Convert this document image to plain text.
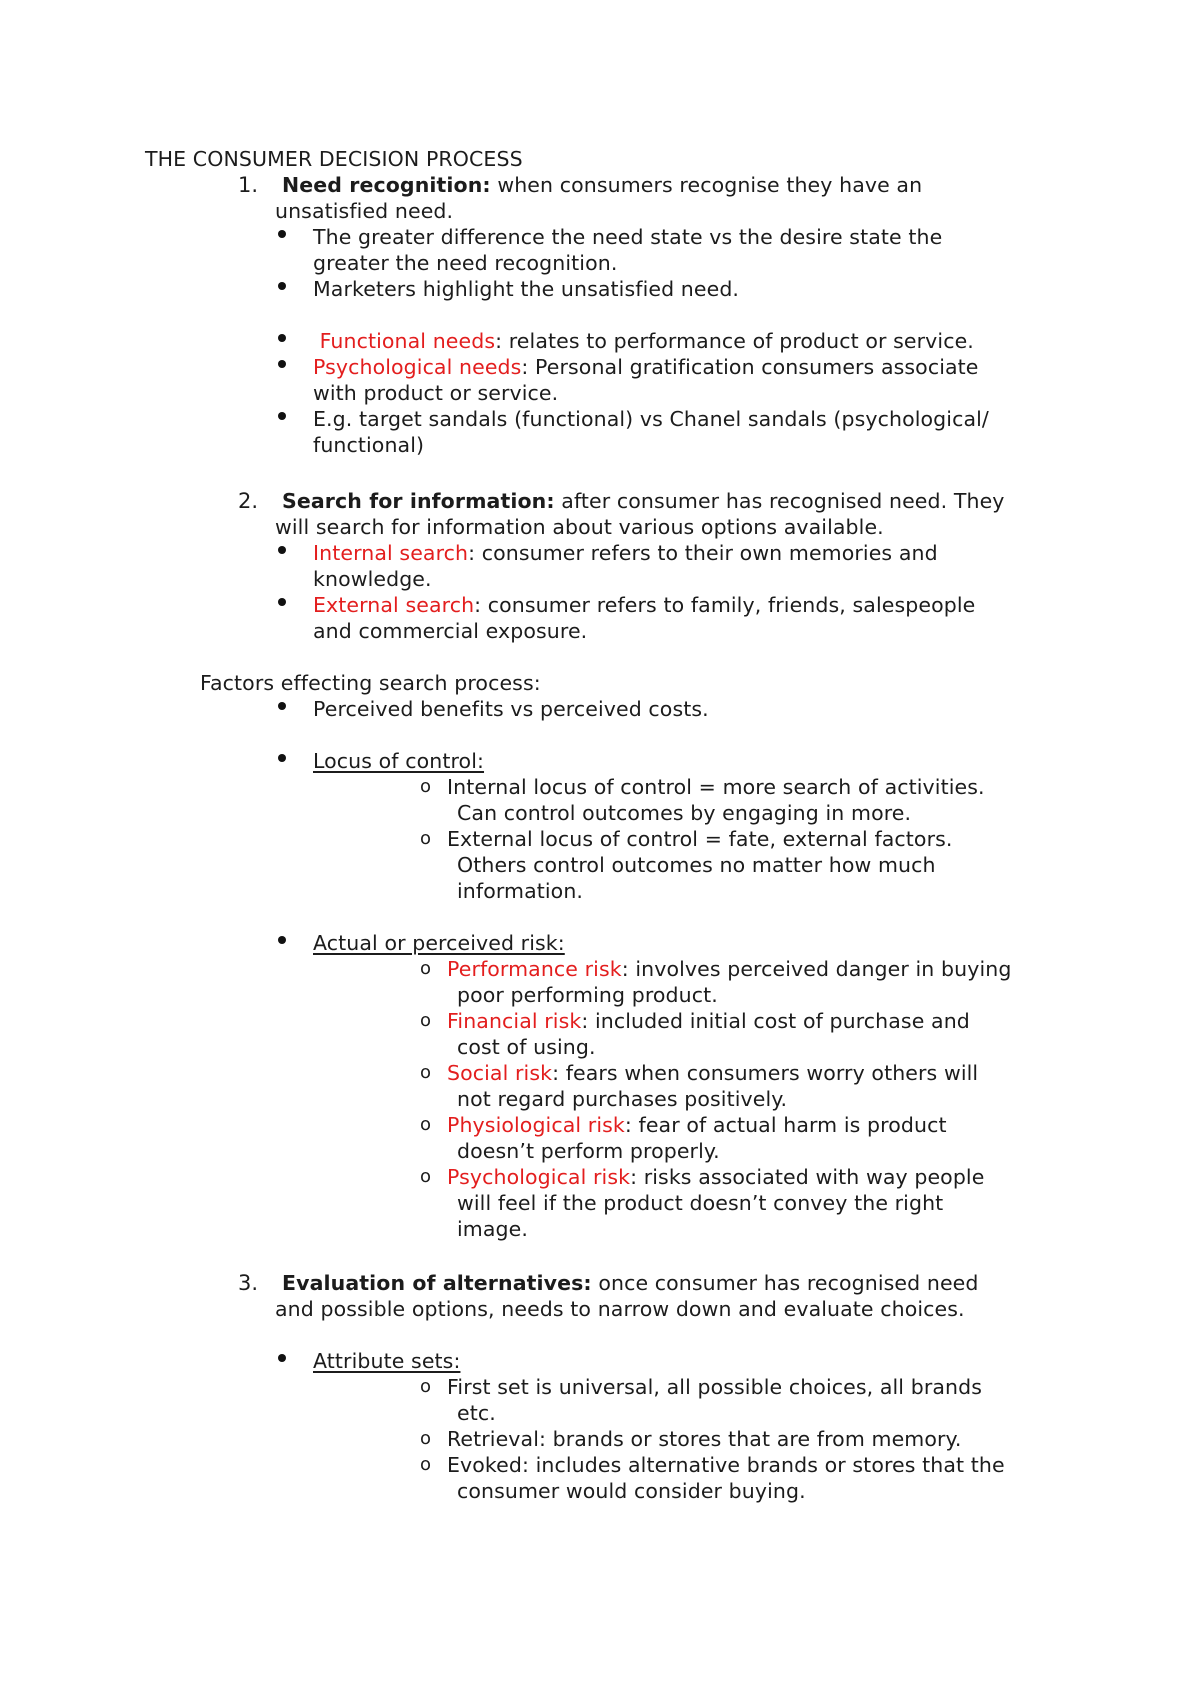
THE CONSUMER DECISION PROCESS
1. Need recognition: when consumers recognise they have an
unsatisfied need.
The greater difference the need state vs the desire state the
greater the need recognition.
Marketers highlight the unsatisfied need.
Functional needs: relates to performance of product or service.
Psychological needs: Personal gratification consumers associate
with product or service.
E.g. target sandals (functional) vs Chanel sandals (psychological/
functional)
2. Search for information: after consumer has recognised need. They
will search for information about various options available.
Internal search: consumer refers to their own memories and
knowledge.
External search: consumer refers to family, friends, salespeople
and commercial exposure.
Factors effecting search process:
Perceived benefits vs perceived costs.
Locus of control:
o Internal locus of control = more search of activities.
Can control outcomes by engaging in more.
o External locus of control = fate, external factors.
Others control outcomes no matter how much
information.
Actual or perceived risk:
o Performance risk: involves perceived danger in buying
poor performing product.
o Financial risk: included initial cost of purchase and
cost of using.
o Social risk: fears when consumers worry others will
not regard purchases positively.
o Physiological risk: fear of actual harm is product
doesn’t perform properly.
o Psychological risk: risks associated with way people
will feel if the product doesn’t convey the right
image.
3. Evaluation of alternatives: once consumer has recognised need
and possible options, needs to narrow down and evaluate choices.
Attribute sets:
o First set is universal, all possible choices, all brands
etc.
o Retrieval: brands or stores that are from memory.
o Evoked: includes alternative brands or stores that the
consumer would consider buying.
